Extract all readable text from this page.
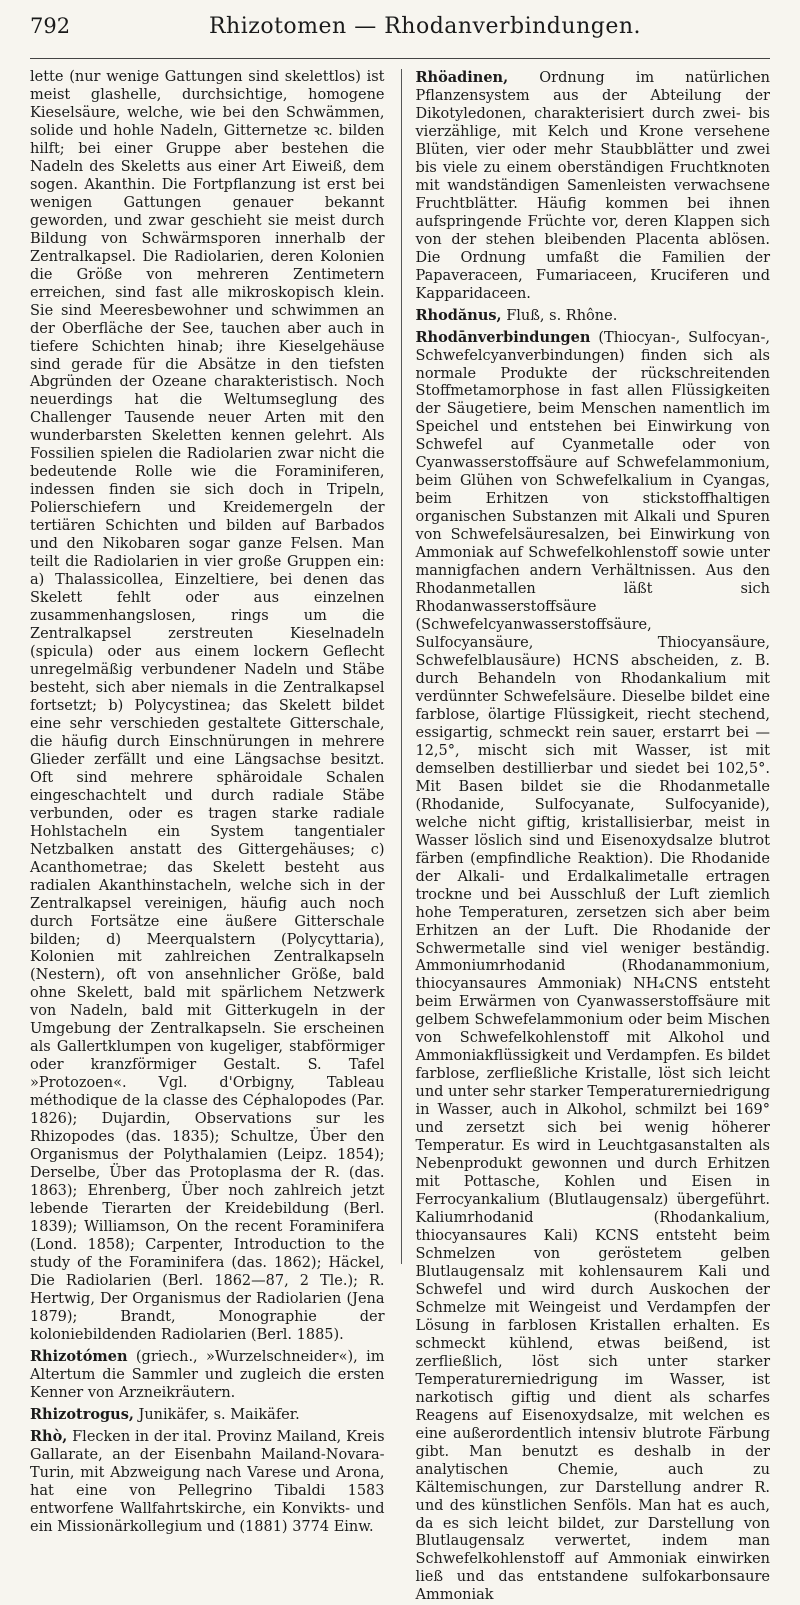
792	Rhizotomen — Rhodanverbindungen.

lette (nur wenige Gattungen sind skelettlos) ist meist glashelle, durchsichtige, homogene Kieselsäure, welche, wie bei den Schwämmen, solide und hohle Nadeln, Gitternetze ꝛc. bilden hilft; bei einer Gruppe aber bestehen die Nadeln des Skeletts aus einer Art Eiweiß, dem sogen. Akanthin. Die Fortpflanzung ist erst bei wenigen Gattungen genauer bekannt geworden, und zwar geschieht sie meist durch Bildung von Schwärmsporen innerhalb der Zentralkapsel. Die Radiolarien, deren Kolonien die Größe von mehreren Zentimetern erreichen, sind fast alle mikroskopisch klein. Sie sind Meeresbewohner und schwimmen an der Oberfläche der See, tauchen aber auch in tiefere Schichten hinab; ihre Kieselgehäuse sind gerade für die Absätze in den tiefsten Abgründen der Ozeane charakteristisch. Noch neuerdings hat die Weltumseglung des Challenger Tausende neuer Arten mit den wunderbarsten Skeletten kennen gelehrt. Als Fossilien spielen die Radiolarien zwar nicht die bedeutende Rolle wie die Foraminiferen, indessen finden sie sich doch in Tripeln, Polierschiefern und Kreidemergeln der tertiären Schichten und bilden auf Barbados und den Nikobaren sogar ganze Felsen. Man teilt die Radiolarien in vier große Gruppen ein: a) Thalassicollea, Einzeltiere, bei denen das Skelett fehlt oder aus einzelnen zusammenhangslosen, rings um die Zentralkapsel zerstreuten Kieselnadeln (spicula) oder aus einem lockern Geflecht unregelmäßig verbundener Nadeln und Stäbe besteht, sich aber niemals in die Zentralkapsel fortsetzt; b) Polycystinea; das Skelett bildet eine sehr verschieden gestaltete Gitterschale, die häufig durch Einschnürungen in mehrere Glieder zerfällt und eine Längsachse besitzt. Oft sind mehrere sphäroidale Schalen eingeschachtelt und durch radiale Stäbe verbunden, oder es tragen starke radiale Hohlstacheln ein System tangentialer Netzbalken anstatt des Gittergehäuses; c) Acanthometrae; das Skelett besteht aus radialen Akanthinstacheln, welche sich in der Zentralkapsel vereinigen, häufig auch noch durch Fortsätze eine äußere Gitterschale bilden; d) Meerqualstern (Polycyttaria), Kolonien mit zahlreichen Zentralkapseln (Nestern), oft von ansehnlicher Größe, bald ohne Skelett, bald mit spärlichem Netzwerk von Nadeln, bald mit Gitterkugeln in der Umgebung der Zentralkapseln. Sie erscheinen als Gallertklumpen von kugeliger, stabförmiger oder kranzförmiger Gestalt. S. Tafel »Protozoen«. Vgl. d'Orbigny, Tableau méthodique de la classe des Céphalopodes (Par. 1826); Dujardin, Observations sur les Rhizopodes (das. 1835); Schultze, Über den Organismus der Polythalamien (Leipz. 1854); Derselbe, Über das Protoplasma der R. (das. 1863); Ehrenberg, Über noch zahlreich jetzt lebende Tierarten der Kreidebildung (Berl. 1839); Williamson, On the recent Foraminifera (Lond. 1858); Carpenter, Introduction to the study of the Foraminifera (das. 1862); Häckel, Die Radiolarien (Berl. 1862—87, 2 Tle.); R. Hertwig, Der Organismus der Radiolarien (Jena 1879); Brandt, Monographie der koloniebildenden Radiolarien (Berl. 1885).

Rhizotómen (griech., »Wurzelschneider«), im Altertum die Sammler und zugleich die ersten Kenner von Arzneikräutern.

Rhizotrogus, Junikäfer, s. Maikäfer.

Rhò, Flecken in der ital. Provinz Mailand, Kreis Gallarate, an der Eisenbahn Mailand-Novara-Turin, mit Abzweigung nach Varese und Arona, hat eine von Pellegrino Tibaldi 1583 entworfene Wallfahrtskirche, ein Konvikts- und ein Missionärkollegium und (1881) 3774 Einw.

Rhöadinen, Ordnung im natürlichen Pflanzensystem aus der Abteilung der Dikotyledonen, charakterisiert durch zwei- bis vierzählige, mit Kelch und Krone versehene Blüten, vier oder mehr Staubblätter und zwei bis viele zu einem oberständigen Fruchtknoten mit wandständigen Samenleisten verwachsene Fruchtblätter. Häufig kommen bei ihnen aufspringende Früchte vor, deren Klappen sich von der stehen bleibenden Placenta ablösen. Die Ordnung umfaßt die Familien der Papaveraceen, Fumariaceen, Kruciferen und Kapparidaceen.

Rhodănus, Fluß, s. Rhône.

Rhodānverbindungen (Thiocyan-, Sulfocyan-, Schwefelcyanverbindungen) finden sich als normale Produkte der rückschreitenden Stoffmetamorphose in fast allen Flüssigkeiten der Säugetiere, beim Menschen namentlich im Speichel und entstehen bei Einwirkung von Schwefel auf Cyanmetalle oder von Cyanwasserstoffsäure auf Schwefelammonium, beim Glühen von Schwefelkalium in Cyangas, beim Erhitzen von stickstoffhaltigen organischen Substanzen mit Alkali und Spuren von Schwefelsäuresalzen, bei Einwirkung von Ammoniak auf Schwefelkohlenstoff sowie unter mannigfachen andern Verhältnissen. Aus den Rhodanmetallen läßt sich Rhodanwasserstoffsäure (Schwefelcyanwasserstoffsäure, Sulfocyansäure, Thiocyansäure, Schwefelblausäure) HCNS abscheiden, z. B. durch Behandeln von Rhodankalium mit verdünnter Schwefelsäure. Dieselbe bildet eine farblose, ölartige Flüssigkeit, riecht stechend, essigartig, schmeckt rein sauer, erstarrt bei —12,5°, mischt sich mit Wasser, ist mit demselben destillierbar und siedet bei 102,5°. Mit Basen bildet sie die Rhodanmetalle (Rhodanide, Sulfocyanate, Sulfocyanide), welche nicht giftig, kristallisierbar, meist in Wasser löslich sind und Eisenoxydsalze blutrot färben (empfindliche Reaktion). Die Rhodanide der Alkali- und Erdalkalimetalle ertragen trockne und bei Ausschluß der Luft ziemlich hohe Temperaturen, zersetzen sich aber beim Erhitzen an der Luft. Die Rhodanide der Schwermetalle sind viel weniger beständig. Ammoniumrhodanid (Rhodanammonium, thiocyansaures Ammoniak) NH₄CNS entsteht beim Erwärmen von Cyanwasserstoffsäure mit gelbem Schwefelammonium oder beim Mischen von Schwefelkohlenstoff mit Alkohol und Ammoniakflüssigkeit und Verdampfen. Es bildet farblose, zerfließliche Kristalle, löst sich leicht und unter sehr starker Temperaturerniedrigung in Wasser, auch in Alkohol, schmilzt bei 169° und zersetzt sich bei wenig höherer Temperatur. Es wird in Leuchtgasanstalten als Nebenprodukt gewonnen und durch Erhitzen mit Pottasche, Kohlen und Eisen in Ferrocyankalium (Blutlaugensalz) übergeführt. Kaliumrhodanid (Rhodankalium, thiocyansaures Kali) KCNS entsteht beim Schmelzen von geröstetem gelben Blutlaugensalz mit kohlensaurem Kali und Schwefel und wird durch Auskochen der Schmelze mit Weingeist und Verdampfen der Lösung in farblosen Kristallen erhalten. Es schmeckt kühlend, etwas beißend, ist zerfließlich, löst sich unter starker Temperaturerniedrigung im Wasser, ist narkotisch giftig und dient als scharfes Reagens auf Eisenoxydsalze, mit welchen es eine außerordentlich intensiv blutrote Färbung gibt. Man benutzt es deshalb in der analytischen Chemie, auch zu Kältemischungen, zur Darstellung andrer R. und des künstlichen Senföls. Man hat es auch, da es sich leicht bildet, zur Darstellung von Blutlaugensalz verwertet, indem man Schwefelkohlenstoff auf Ammoniak einwirken ließ und das entstandene sulfokarbonsaure Ammoniak
